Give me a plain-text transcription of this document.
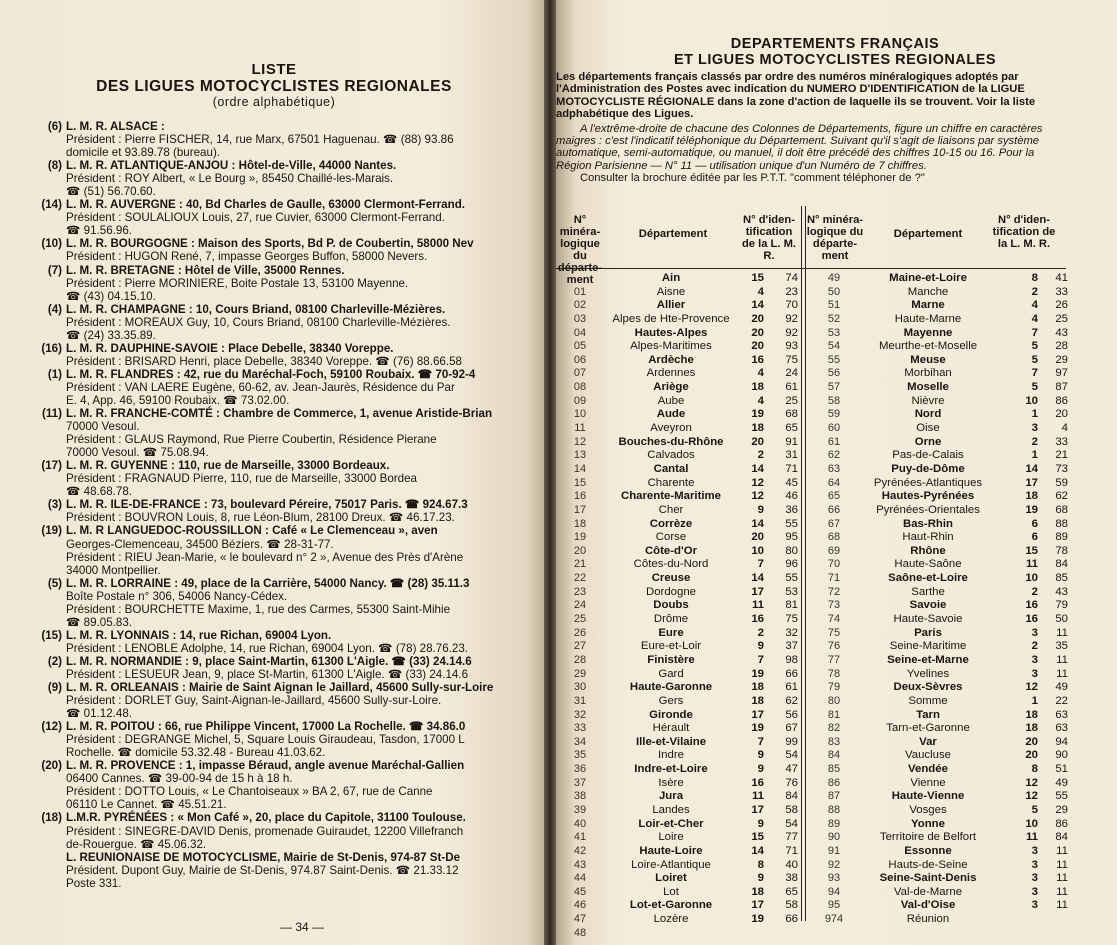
LISTE
DES LIGUES MOTOCYCLISTES REGIONALES
(ordre alphabétique)
(6) L. M. R. ALSACE :
Président : Pierre FISCHER, 14, rue Marx, 67501 Haguenau. ☎ (88) 93.86
domicile et 93.89.78 (bureau).
(8) L. M. R. ATLANTIQUE-ANJOU : Hôtel-de-Ville, 44000 Nantes.
Président : ROY Albert, « Le Bourg », 85450 Chaillé-les-Marais.
☎ (51) 56.70.60.
(14) L. M. R. AUVERGNE : 40, Bd Charles de Gaulle, 63000 Clermont-Ferrand.
Président : SOULALIOUX Louis, 27, rue Cuvier, 63000 Clermont-Ferrand.
☎ 91.56.96.
(10) L. M. R. BOURGOGNE : Maison des Sports, Bd P. de Coubertin, 58000 Nev
Président : HUGON René, 7, impasse Georges Buffon, 58000 Nevers.
(7) L. M. R. BRETAGNE : Hôtel de Ville, 35000 Rennes.
Président : Pierre MORINIERE, Boite Postale 13, 53100 Mayenne.
☎ (43) 04.15.10.
(4) L. M. R. CHAMPAGNE : 10, Cours Briand, 08100 Charleville-Mézières.
Président : MOREAUX Guy, 10, Cours Briand, 08100 Charleville-Mézières.
☎ (24) 33.35.89.
(16) L. M. R. DAUPHINE-SAVOIE : Place Debelle, 38340 Voreppe.
Président : BRISARD Henri, place Debelle, 38340 Voreppe. ☎ (76) 88.66.58
(1) L. M. R. FLANDRES : 42, rue du Maréchal-Foch, 59100 Roubaix. ☎ 70-92-4
Président : VAN LAERE Eugène, 60-62, av. Jean-Jaurès, Résidence du Par
E. 4, App. 46, 59100 Roubaix. ☎ 73.02.00.
(11) L. M. R. FRANCHE-COMTÉ : Chambre de Commerce, 1, avenue Aristide-Brian
70000 Vesoul.
Président : GLAUS Raymond, Rue Pierre Coubertin, Résidence Pierane
70000 Vesoul. ☎ 75.08.94.
(17) L. M. R. GUYENNE : 110, rue de Marseille, 33000 Bordeaux.
Président : FRAGNAUD Pierre, 110, rue de Marseille, 33000 Bordea
☎ 48.68.78.
(3) L. M. R. ILE-DE-FRANCE : 73, boulevard Péreire, 75017 Paris. ☎ 924.67.3
Président : BOUVRON Louis, 8, rue Léon-Blum, 28100 Dreux. ☎ 46.17.23.
(19) L. M. R LANGUEDOC-ROUSSILLON : Café « Le Clemenceau », aven
Georges-Clemenceau, 34500 Béziers. ☎ 28-31-77.
Président : RIEU Jean-Marie, « le boulevard n° 2 », Avenue des Près d'Arène
34000 Montpellier.
(5) L. M. R. LORRAINE : 49, place de la Carrière, 54000 Nancy. ☎ (28) 35.11.3
Boîte Postale n° 306, 54006 Nancy-Cédex.
Président : BOURCHETTE Maxime, 1, rue des Carmes, 55300 Saint-Mihie
☎ 89.05.83.
(15) L. M. R. LYONNAIS : 14, rue Richan, 69004 Lyon.
Président : LENOBLE Adolphe, 14, rue Richan, 69004 Lyon. ☎ (78) 28.76.23.
(2) L. M. R. NORMANDIE : 9, place Saint-Martin, 61300 L'Aigle. ☎ (33) 24.14.6
Président : LESUEUR Jean, 9, place St-Martin, 61300 L'Aigle. ☎ (33) 24.14.6
(9) L. M. R. ORLEANAIS : Mairie de Saint Aignan le Jaillard, 45600 Sully-sur-Loire
Président : DORLET Guy, Saint-Aignan-le-Jaillard, 45600 Sully-sur-Loire.
☎ 01.12.48.
(12) L. M. R. POITOU : 66, rue Philippe Vincent, 17000 La Rochelle. ☎ 34.86.0
Président : DEGRANGE Michel, 5, Square Louis Giraudeau, Tasdon, 17000 L
Rochelle. ☎ domicile 53.32.48 - Bureau 41.03.62.
(20) L. M. R. PROVENCE : 1, impasse Béraud, angle avenue Maréchal-Gallien
06400 Cannes. ☎ 39-00-94 de 15 h à 18 h.
Président : DOTTO Louis, « Le Chantoiseaux » BA 2, 67, rue de Canne
06110 Le Cannet. ☎ 45.51.21.
(18) L.M.R. PYRÉNÉES : « Mon Café », 20, place du Capitole, 31100 Toulouse.
Président : SINEGRE-DAVID Denis, promenade Guiraudet, 12200 Villefranch
de-Rouergue. ☎ 45.06.32.
L. REUNIONAISE DE MOTOCYCLISME, Mairie de St-Denis, 974-87 St-De
Président. Dupont Guy, Mairie de St-Denis, 974.87 Saint-Denis. ☎ 21.33.12
Poste 331.
— 34 —
DEPARTEMENTS FRANÇAIS
ET LIGUES MOTOCYCLISTES REGIONALES

Les départements français classés par ordre des numéros minéralogiques adoptés par l'Administration des Postes avec indication du NUMERO D'IDENTIFICATION de la LIGUE MOTOCYCLISTE RÉGIONALE dans la zone d'action de laquelle ils se trouvent. Voir la liste adphabétique des Ligues.

A l'extrême-droite de chacune des Colonnes de Départements, figure un chiffre en caractères maigres : c'est l'indicatif téléphonique du Département. Suivant qu'il s'agit de liaisons par système automatique, semi-automatique, ou manuel, il doit être précédé des chiffres 10-15 ou 16. Pour la Région Parisienne — N° 11 — utilisation unique d'un Numéro de 7 chiffres.

Consulter la brochure éditée par les P.T.T. "comment téléphoner de ?"

N° minéra-logique du départe-ment
Département
N° d'iden-tification de la L. M. R.
N° minéra-logique du départe-ment
Département
N° d'iden-tification de la L. M. R.
Ain	15	74
01	Aisne	4	23
02	Allier	14	70
03	Alpes de Hte-Provence	20	92
04	Hautes-Alpes	20	92
05	Alpes-Maritimes	20	93
06	Ardèche	16	75
07	Ardennes	4	24
08	Ariège	18	61
09	Aube	4	25
10	Aude	19	68
11	Aveyron	18	65
12	Bouches-du-Rhône	20	91
13	Calvados	2	31
14	Cantal	14	71
15	Charente	12	45
16	Charente-Maritime	12	46
17	Cher	9	36
18	Corrèze	14	55
19	Corse	20	95
20	Côte-d'Or	10	80
21	Côtes-du-Nord	7	96
22	Creuse	14	55
23	Dordogne	17	53
24	Doubs	11	81
25	Drôme	16	75
26	Eure	2	32
27	Eure-et-Loir	9	37
28	Finistère	7	98
29	Gard	19	66
30	Haute-Garonne	18	61
31	Gers	18	62
32	Gironde	17	56
33	Hérault	19	67
34	Ille-et-Vilaine	7	99
35	Indre	9	54
36	Indre-et-Loire	9	47
37	Isère	16	76
38	Jura	11	84
39	Landes	17	58
40	Loir-et-Cher	9	54
41	Loire	15	77
42	Haute-Loire	14	71
43	Loire-Atlantique	8	40
44	Loiret	9	38
45	Lot	18	65
46	Lot-et-Garonne	17	58
47	Lozère	19	66
48
49	Maine-et-Loire	8	41
50	Manche	2	33
51	Marne	4	26
52	Haute-Marne	4	25
53	Mayenne	7	43
54	Meurthe-et-Moselle	5	28
55	Meuse	5	29
56	Morbihan	7	97
57	Moselle	5	87
58	Nièvre	10	86
59	Nord	1	20
60	Oise	3	4
61	Orne	2	33
62	Pas-de-Calais	1	21
63	Puy-de-Dôme	14	73
64	Pyrénées-Atlantiques	17	59
65	Hautes-Pyrénées	18	62
66	Pyrénées-Orientales	19	68
67	Bas-Rhin	6	88
68	Haut-Rhin	6	89
69	Rhône	15	78
70	Haute-Saône	11	84
71	Saône-et-Loire	10	85
72	Sarthe	2	43
73	Savoie	16	79
74	Haute-Savoie	16	50
75	Paris	3	11
76	Seine-Maritime	2	35
77	Seine-et-Marne	3	11
78	Yvelines	3	11
79	Deux-Sèvres	12	49
80	Somme	1	22
81	Tarn	18	63
82	Tarn-et-Garonne	18	63
83	Var	20	94
84	Vaucluse	20	90
85	Vendée	8	51
86	Vienne	12	49
87	Haute-Vienne	12	55
88	Vosges	5	29
89	Yonne	10	86
90	Territoire de Belfort	11	84
91	Essonne	3	11
92	Hauts-de-Seine	3	11
93	Seine-Saint-Denis	3	11
94	Val-de-Marne	3	11
95	Val-d'Oise	3	11
974	Réunion
